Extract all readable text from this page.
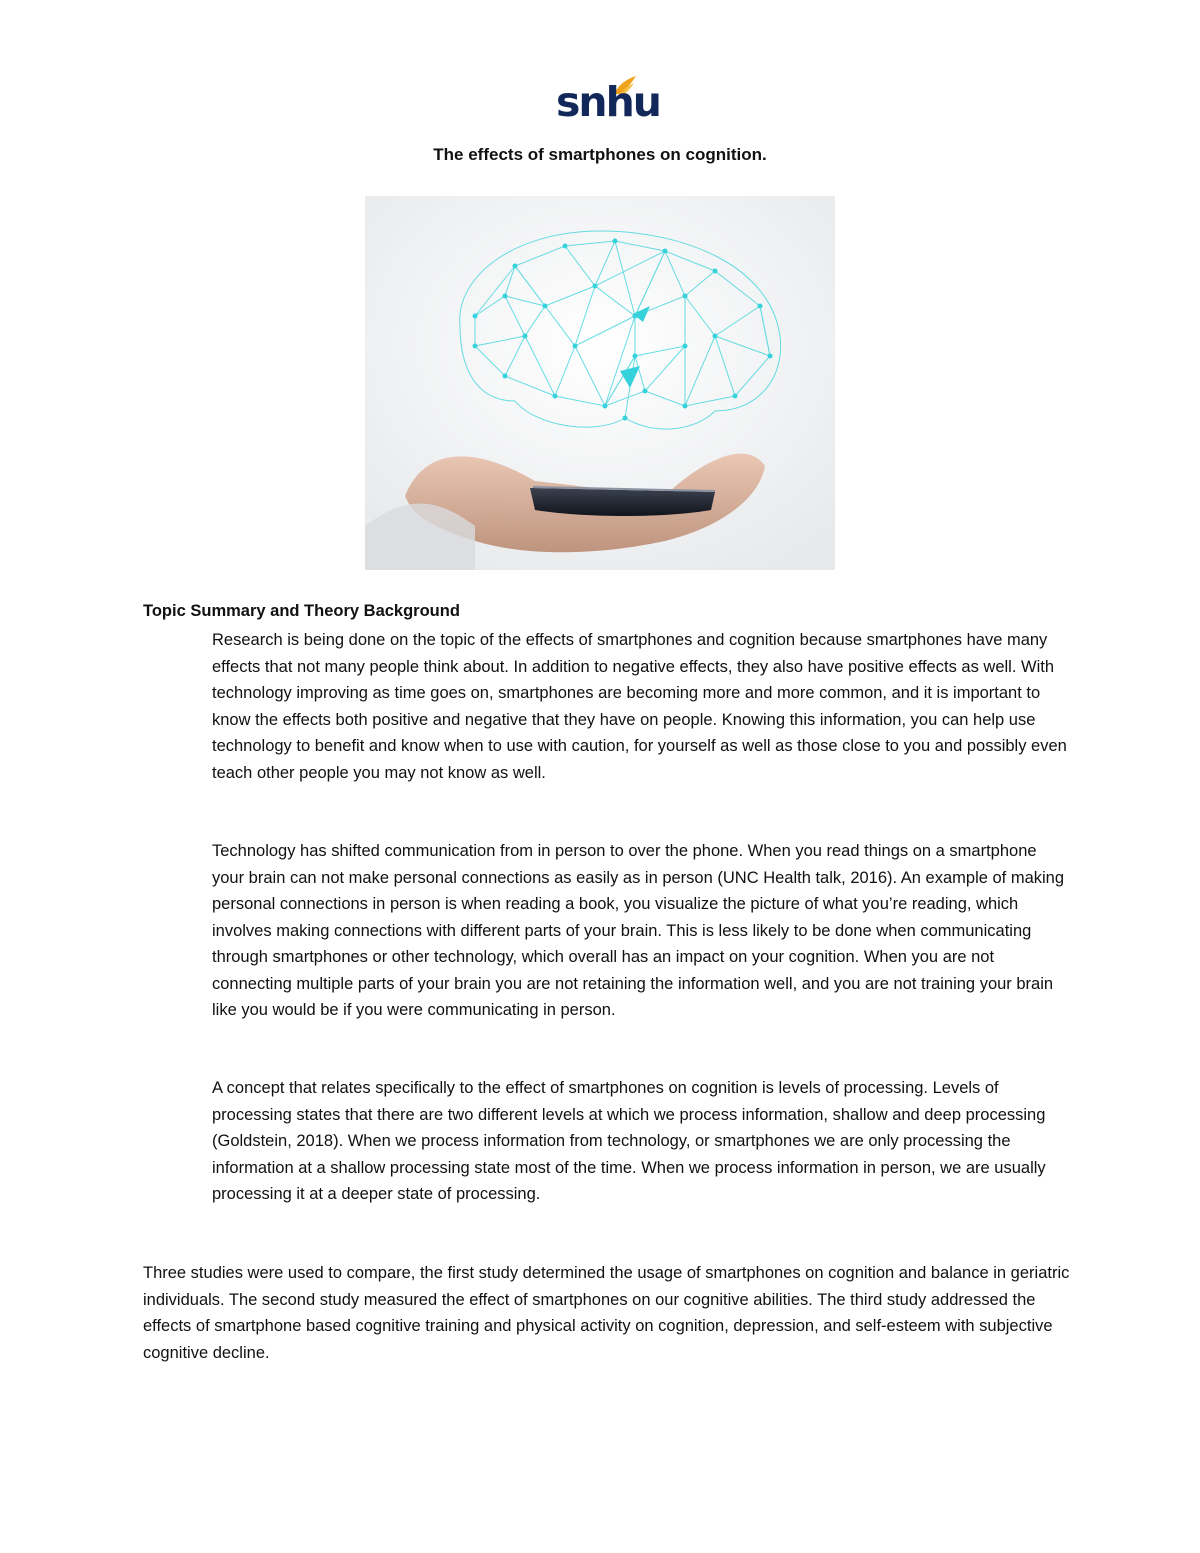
snhu
The effects of smartphones on cognition.
Topic Summary and Theory Background

Research is being done on the topic of the effects of smartphones and cognition because smartphones have many effects that not many people think about. In addition to negative effects, they also have positive effects as well. With technology improving as time goes on, smartphones are becoming more and more common, and it is important to know the effects both positive and negative that they have on people. Knowing this information, you can help use technology to benefit and know when to use with caution, for yourself as well as those close to you and possibly even teach other people you may not know as well.

Technology has shifted communication from in person to over the phone. When you read things on a smartphone your brain can not make personal connections as easily as in person (UNC Health talk, 2016). An example of making personal connections in person is when reading a book, you visualize the picture of what you’re reading, which involves making connections with different parts of your brain. This is less likely to be done when communicating through smartphones or other technology, which overall has an impact on your cognition. When you are not connecting multiple parts of your brain you are not retaining the information well, and you are not training your brain like you would be if you were communicating in person.

A concept that relates specifically to the effect of smartphones on cognition is levels of processing. Levels of processing states that there are two different levels at which we process information, shallow and deep processing (Goldstein, 2018). When we process information from technology, or smartphones we are only processing the information at a shallow processing state most of the time. When we process information in person, we are usually processing it at a deeper state of processing.

Three studies were used to compare, the first study determined the usage of smartphones on cognition and balance in geriatric individuals. The second study measured the effect of smartphones on our cognitive abilities. The third study addressed the effects of smartphone based cognitive training and physical activity on cognition, depression, and self-esteem with subjective cognitive decline.
